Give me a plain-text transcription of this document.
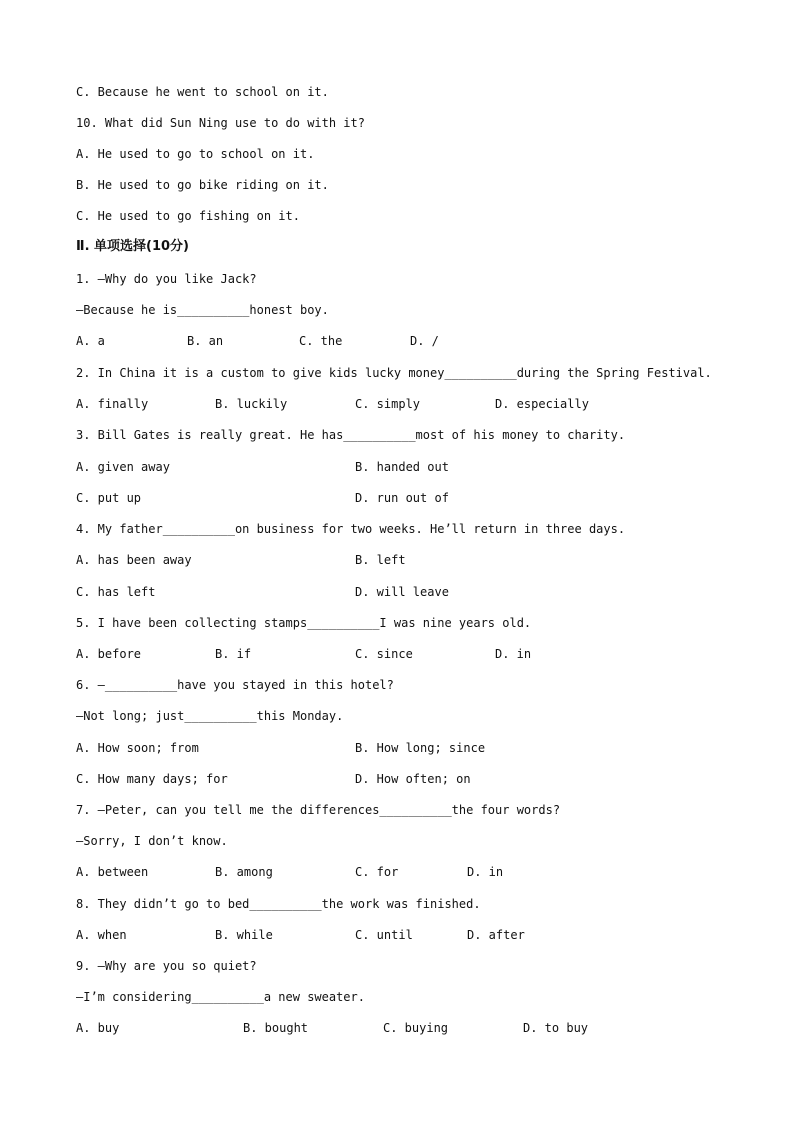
C. Because he went to school on it.
10. What did Sun Ning use to do with it?
A. He used to go to school on it.
B. He used to go bike riding on it.
C. He used to go fishing on it.
Ⅱ. 单项选择(10分)
1. —Why do you like Jack?
—Because he is__________honest boy.

A. a

	B. an

	C. the

	D. /

2. In China it is a custom to give kids lucky money__________during the Spring Festival.

A. finally

	B. luckily

	C. simply

	D. especially

3. Bill Gates is really great. He has__________most of his money to charity.

A. given away

	B. handed out

C. put up

	D. run out of

4. My father__________on business for two weeks. He’ll return in three days.

A. has been away

	B. left

C. has left

	D. will leave

5. I have been collecting stamps__________I was nine years old.

A. before

	B. if

	C. since

	D. in

6. —__________have you stayed in this hotel?
—Not long; just__________this Monday.

A. How soon; from

	B. How long; since

C. How many days; for

	D. How often; on

7. —Peter, can you tell me the differences__________the four words?
—Sorry, I don’t know.

A. between

	B. among

	C. for

	D. in

8. They didn’t go to bed__________the work was finished.

A. when

	B. while

	C. until

	D. after

9. —Why are you so quiet?
—I’m considering__________a new sweater.

A. buy

	B. bought

	C. buying

	D. to buy
